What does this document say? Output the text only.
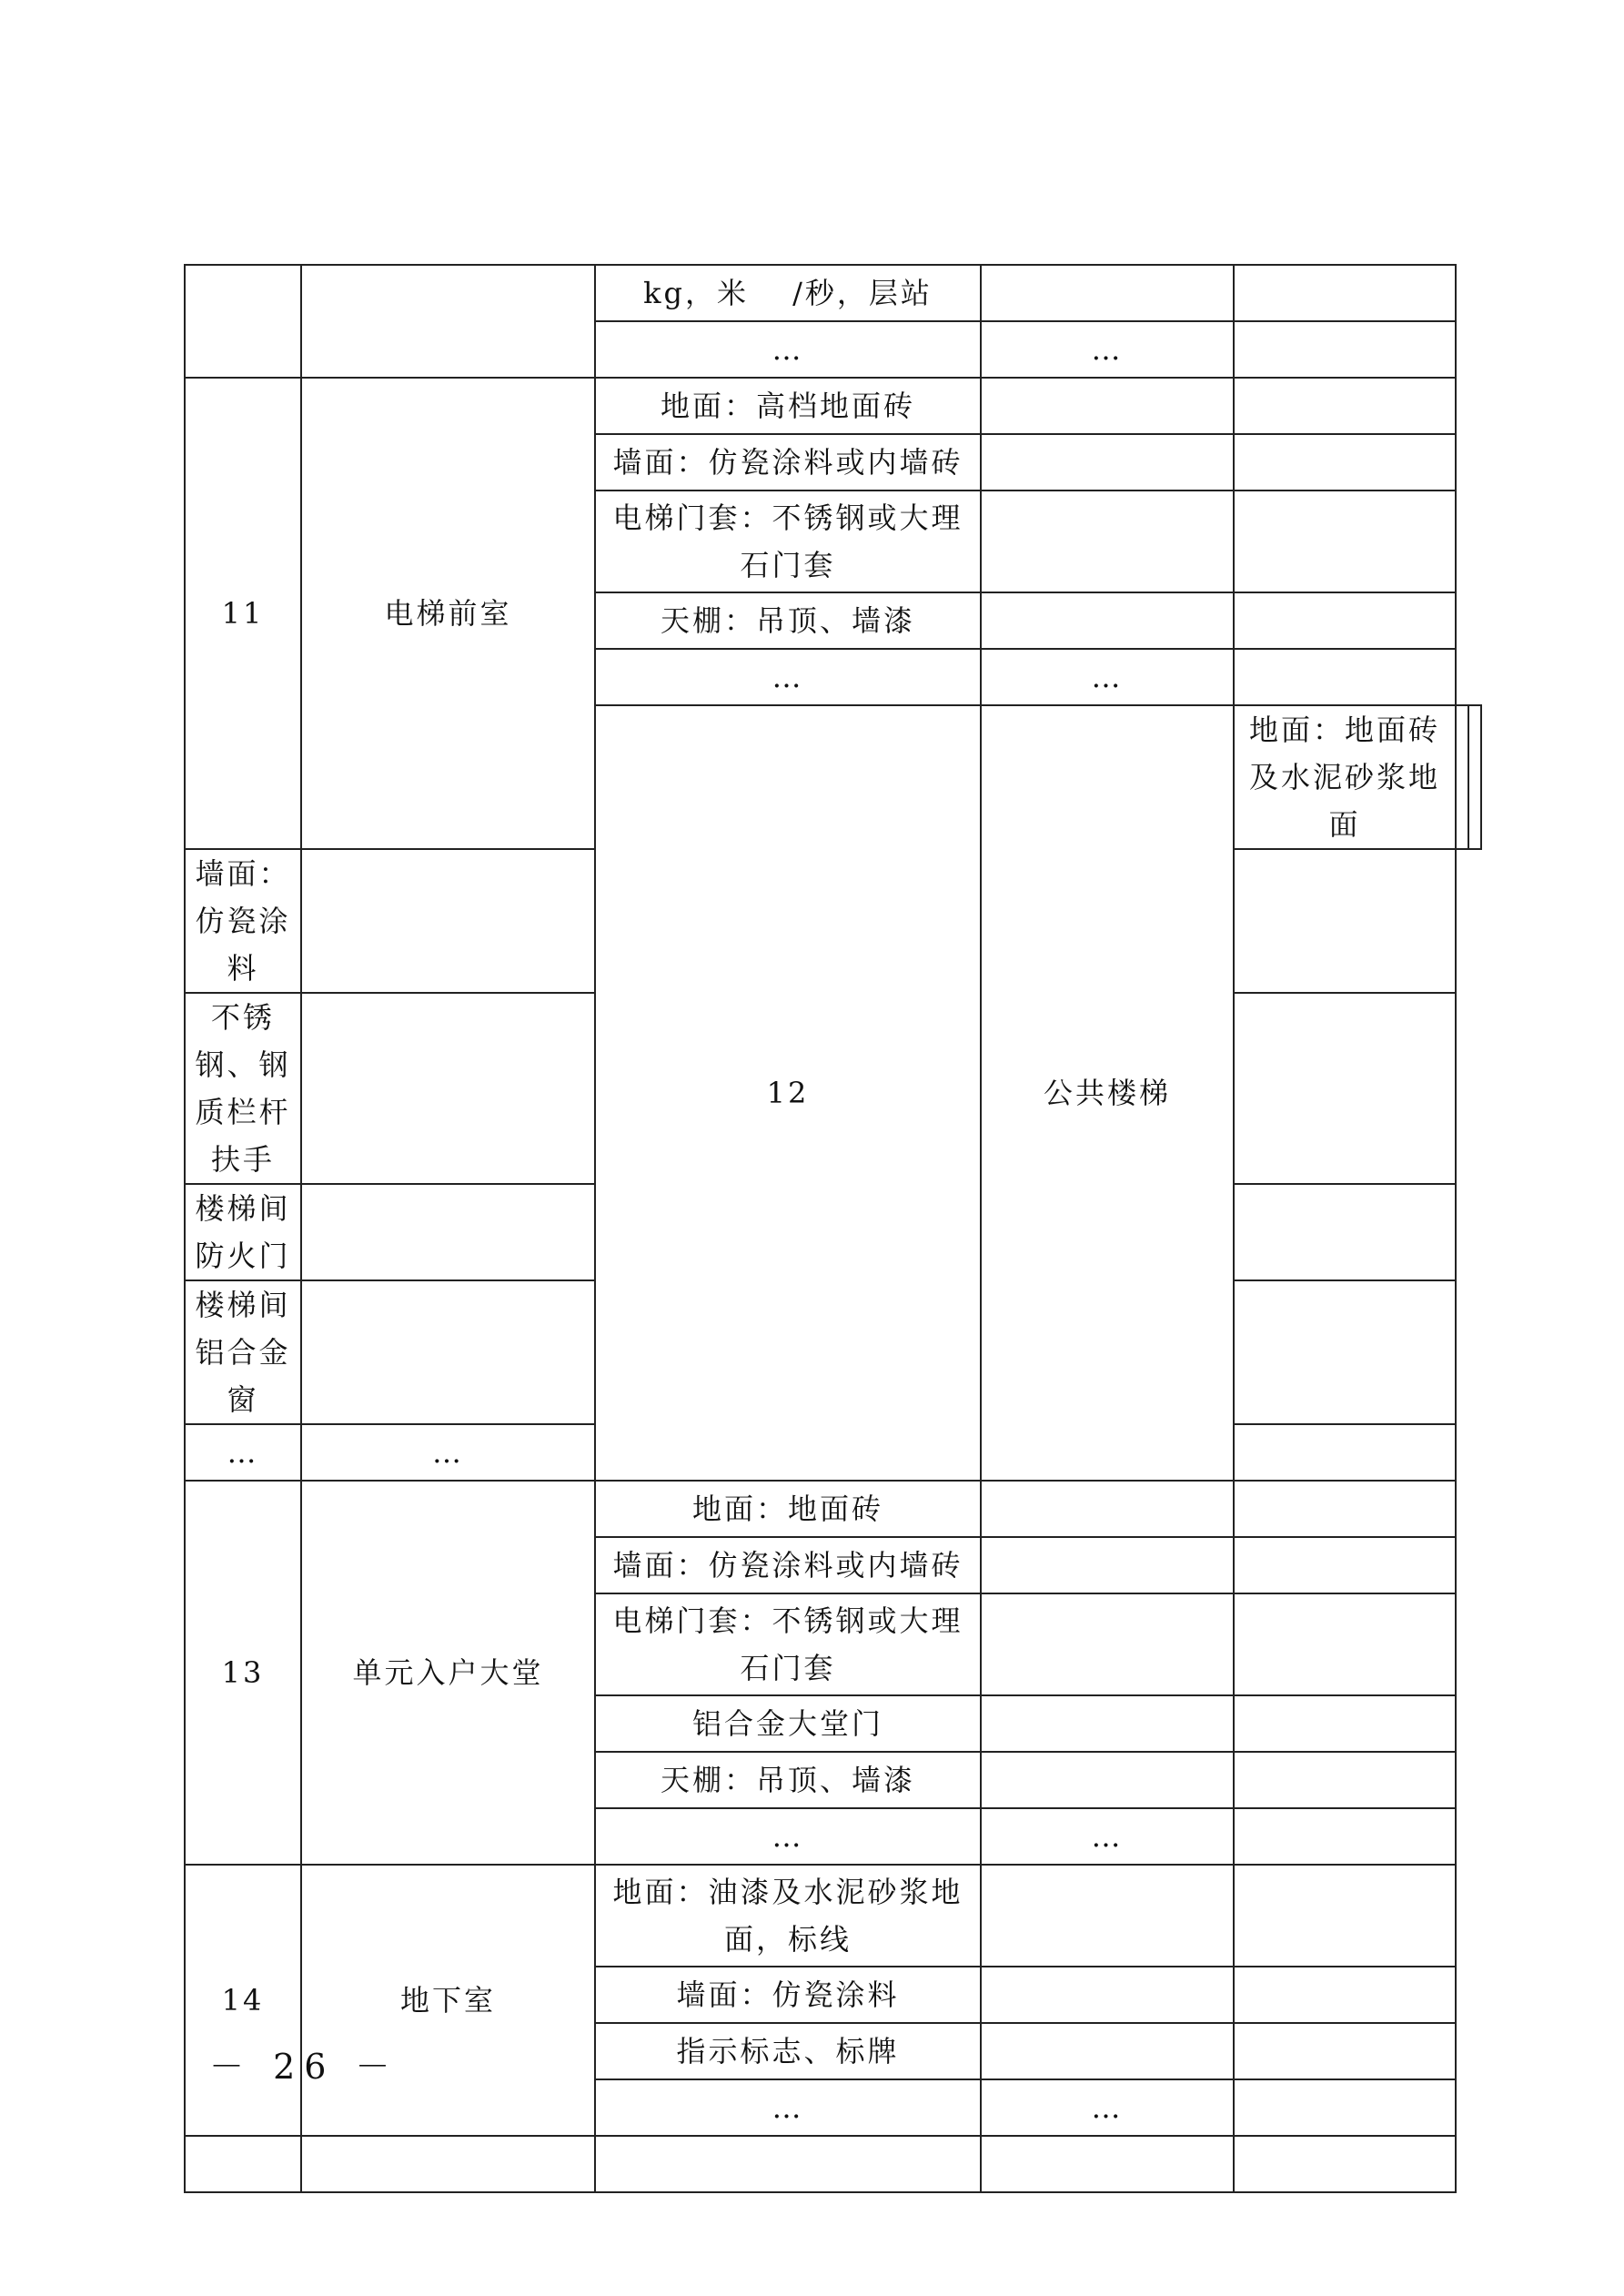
		kg，米　 /秒，层站				
		…	…			
11	电梯前室	地面：高档地面砖				
		墙面：仿瓷涂料或内墙砖				
		电梯门套：不锈钢或大理石门套				
		天棚：吊顶、墙漆				
		…	…			
		12	公共楼梯	地面：地面砖及水泥砂浆地面		
墙面：仿瓷涂料						
不锈钢、钢质栏杆扶手						
楼梯间防火门						
楼梯间铝合金窗						
…	…					
13	单元入户大堂	地面：地面砖				
		墙面：仿瓷涂料或内墙砖				
		电梯门套：不锈钢或大理石门套				
		铝合金大堂门				
		天棚：吊顶、墙漆				
		…	…			
14	地下室	地面：油漆及水泥砂浆地面，标线				
		墙面：仿瓷涂料				
		指示标志、标牌				
		…	…			

－ 26 －
